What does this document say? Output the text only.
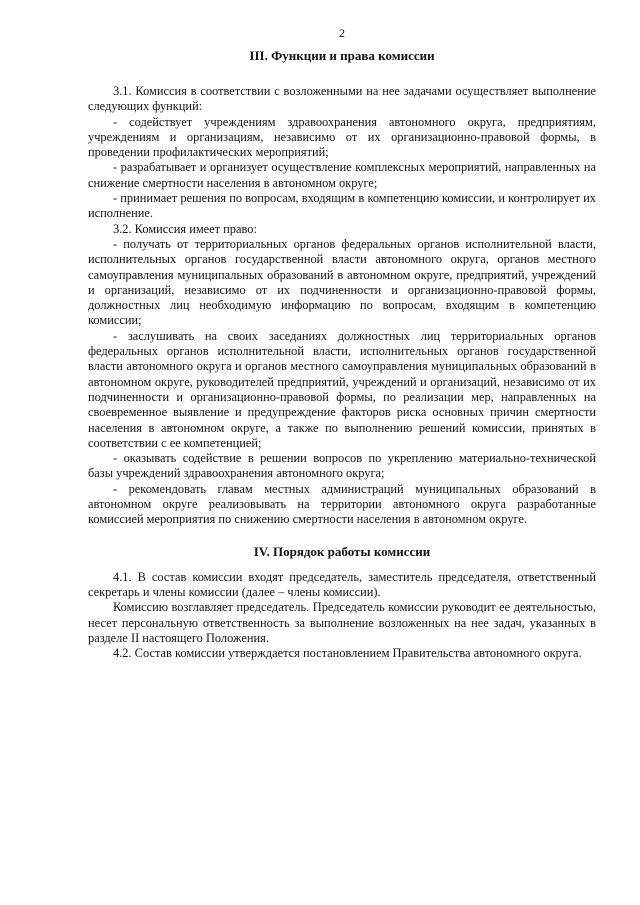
2
III. Функции и права комиссии

3.1. Комиссия в соответствии с возложенными на нее задачами осуществляет выполнение следующих функций:

- содействует учреждениям здравоохранения автономного округа, предприятиям, учреждениям и организациям, независимо от их организационно-правовой формы, в проведении профилактических мероприятий;

- разрабатывает и организует осуществление комплексных мероприятий, направленных на снижение смертности населения в автономном округе;

- принимает решения по вопросам, входящим в компетенцию комиссии, и контролирует их исполнение.

3.2. Комиссия имеет право:

- получать от территориальных органов федеральных органов исполнительной власти, исполнительных органов государственной власти автономного округа, органов местного самоуправления муниципальных образований в автономном округе, предприятий, учреждений и организаций, независимо от их подчиненности и организационно-правовой формы, должностных лиц необходимую информацию по вопросам, входящим в компетенцию комиссии;

- заслушивать на своих заседаниях должностных лиц территориальных органов федеральных органов исполнительной власти, исполнительных органов государственной власти автономного округа и органов местного самоуправления муниципальных образований в автономном округе, руководителей предприятий, учреждений и организаций, независимо от их подчиненности и организационно-правовой формы, по реализации мер, направленных на своевременное выявление и предупреждение факторов риска основных причин смертности населения в автономном округе, а также по выполнению решений комиссии, принятых в соответствии с ее компетенцией;

- оказывать содействие в решении вопросов по укреплению материально-технической базы учреждений здравоохранения автономного округа;

- рекомендовать главам местных администраций муниципальных образований в автономном округе реализовывать на территории автономного округа разработанные комиссией мероприятия по снижению смертности населения в автономном округе.

IV. Порядок работы комиссии

4.1. В состав комиссии входят председатель, заместитель председателя, ответственный секретарь и члены комиссии (далее – члены комиссии).

Комиссию возглавляет председатель. Председатель комиссии руководит ее деятельностью, несет персональную ответственность за выполнение возложенных на нее задач, указанных в разделе II настоящего Положения.

4.2. Состав комиссии утверждается постановлением Правительства автономного округа.
